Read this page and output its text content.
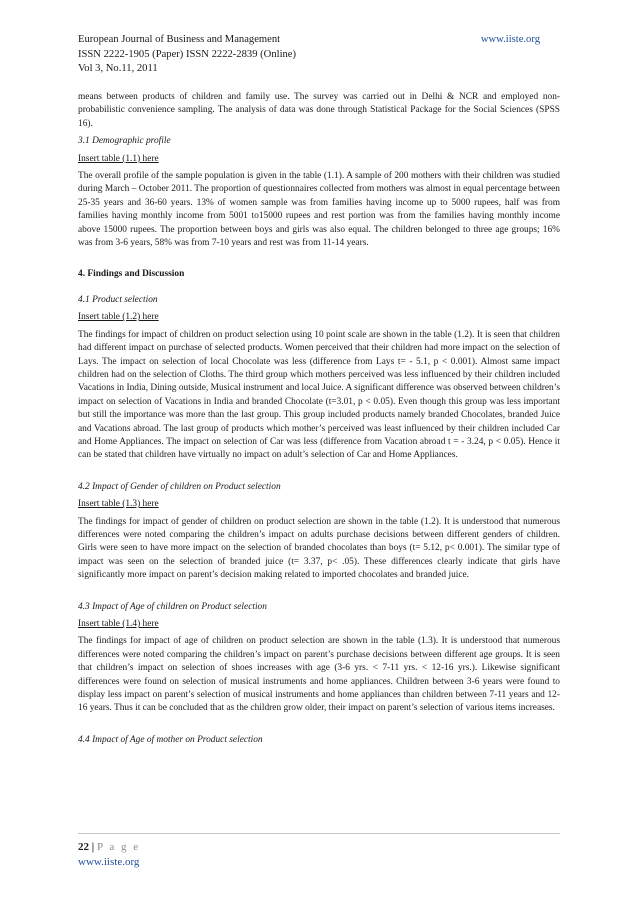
European Journal of Business and Management	www.iiste.org
ISSN 2222-1905 (Paper) ISSN 2222-2839 (Online)
Vol 3, No.11, 2011

means between products of children and family use. The survey was carried out in Delhi & NCR and employed non-probabilistic convenience sampling. The analysis of data was done through Statistical Package for the Social Sciences (SPSS 16).

3.1 Demographic profile

Insert table (1.1) here

The overall profile of the sample population is given in the table (1.1). A sample of 200 mothers with their children was studied during March – October 2011. The proportion of questionnaires collected from mothers was almost in equal percentage between 25-35 years and 36-60 years. 13% of women sample was from families having income up to 5000 rupees, half was from families having monthly income from 5001 to15000 rupees and rest portion was from the families having monthly income above 15000 rupees. The proportion between boys and girls was also equal. The children belonged to three age groups; 16% was from 3-6 years, 58% was from 7-10 years and rest was from 11-14 years.

4. Findings and Discussion

4.1 Product selection

Insert table (1.2) here

The findings for impact of children on product selection using 10 point scale are shown in the table (1.2). It is seen that children had different impact on purchase of selected products. Women perceived that their children had more impact on the selection of Lays. The impact on selection of local Chocolate was less (difference from Lays t= - 5.1, p < 0.001). Almost same impact children had on the selection of Cloths. The third group which mothers perceived was less influenced by their children included Vacations in India, Dining outside, Musical instrument and local Juice. A significant difference was observed between children’s impact on selection of Vacations in India and branded Chocolate (t=3.01, p < 0.05). Even though this group was less important but still the importance was more than the last group. This group included products namely branded Chocolates, branded Juice and Vacations abroad. The last group of products which mother’s perceived was least influenced by their children included Car and Home Appliances. The impact on selection of Car was less (difference from Vacation abroad t = - 3.24, p < 0.05). Hence it can be stated that children have virtually no impact on adult’s selection of Car and Home Appliances.

4.2 Impact of Gender of children on Product selection

Insert table (1.3) here

The findings for impact of gender of children on product selection are shown in the table (1.2). It is understood that numerous differences were noted comparing the children’s impact on adults purchase decisions between different genders of children. Girls were seen to have more impact on the selection of branded chocolates than boys (t= 5.12, p< 0.001). The similar type of impact was seen on the selection of branded juice (t= 3.37, p< .05). These differences clearly indicate that girls have significantly more impact on parent’s decision making related to imported chocolates and branded juice.

4.3 Impact of Age of children on Product selection

Insert table (1.4) here

The findings for impact of age of children on product selection are shown in the table (1.3). It is understood that numerous differences were noted comparing the children’s impact on parent’s purchase decisions between different age groups. It is seen that children’s impact on selection of shoes increases with age (3-6 yrs. < 7-11 yrs. < 12-16 yrs.). Likewise significant differences were found on selection of musical instruments and home appliances. Children between 3-6 years were found to display less impact on parent’s selection of musical instruments and home appliances than children between 7-11 years and 12-16 years. Thus it can be concluded that as the children grow older, their impact on parent’s selection of various items increases.

4.4 Impact of Age of mother on Product selection

22 | P a g e
www.iiste.org
